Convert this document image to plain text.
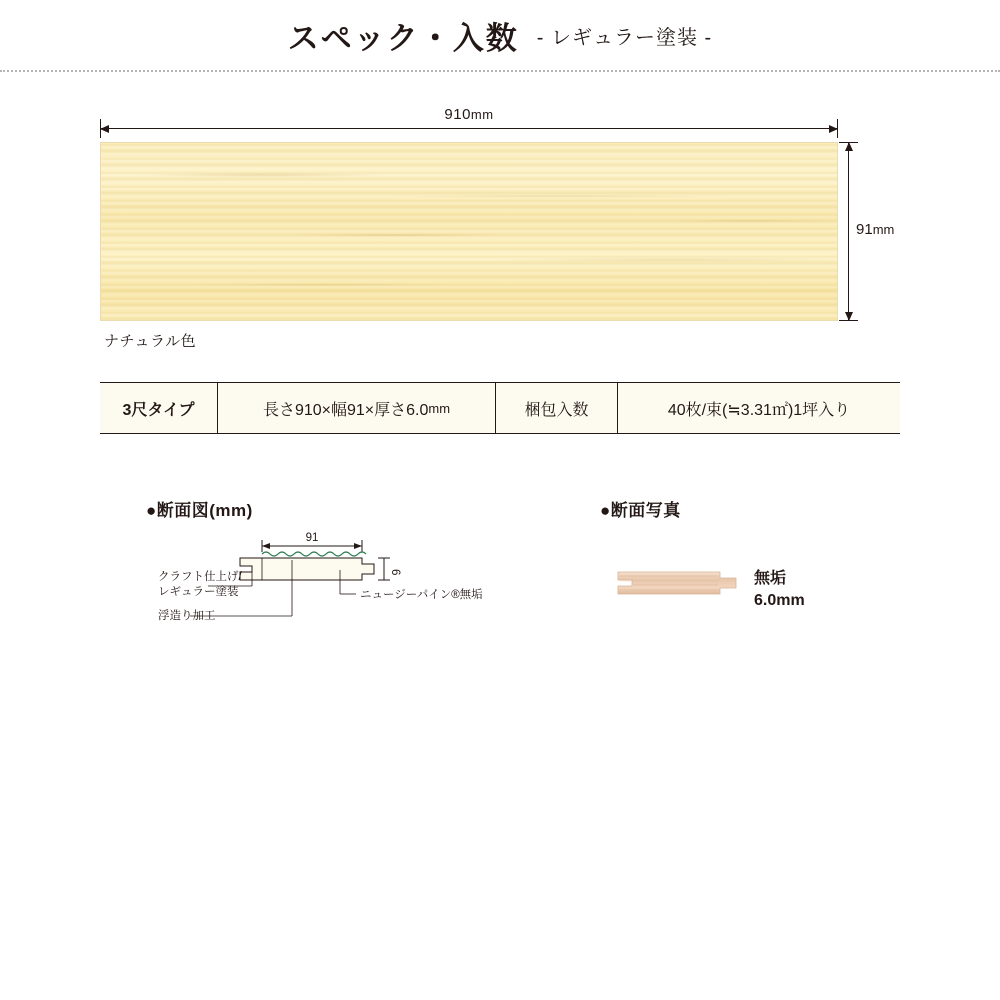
スペック・入数 - レギュラー塗装 -
910mm
91mm
ナチュラル色
3尺タイプ	長さ910×幅91×厚さ6.0 mm	梱包入数	40枚/束(≒3.31㎡)1坪入り
●断面図(mm)	●断面写真
91
6
クラフト仕上げ/
レギュラー塗装
浮造り加工
ニュージーパイン®無垢
無垢
6.0mm
